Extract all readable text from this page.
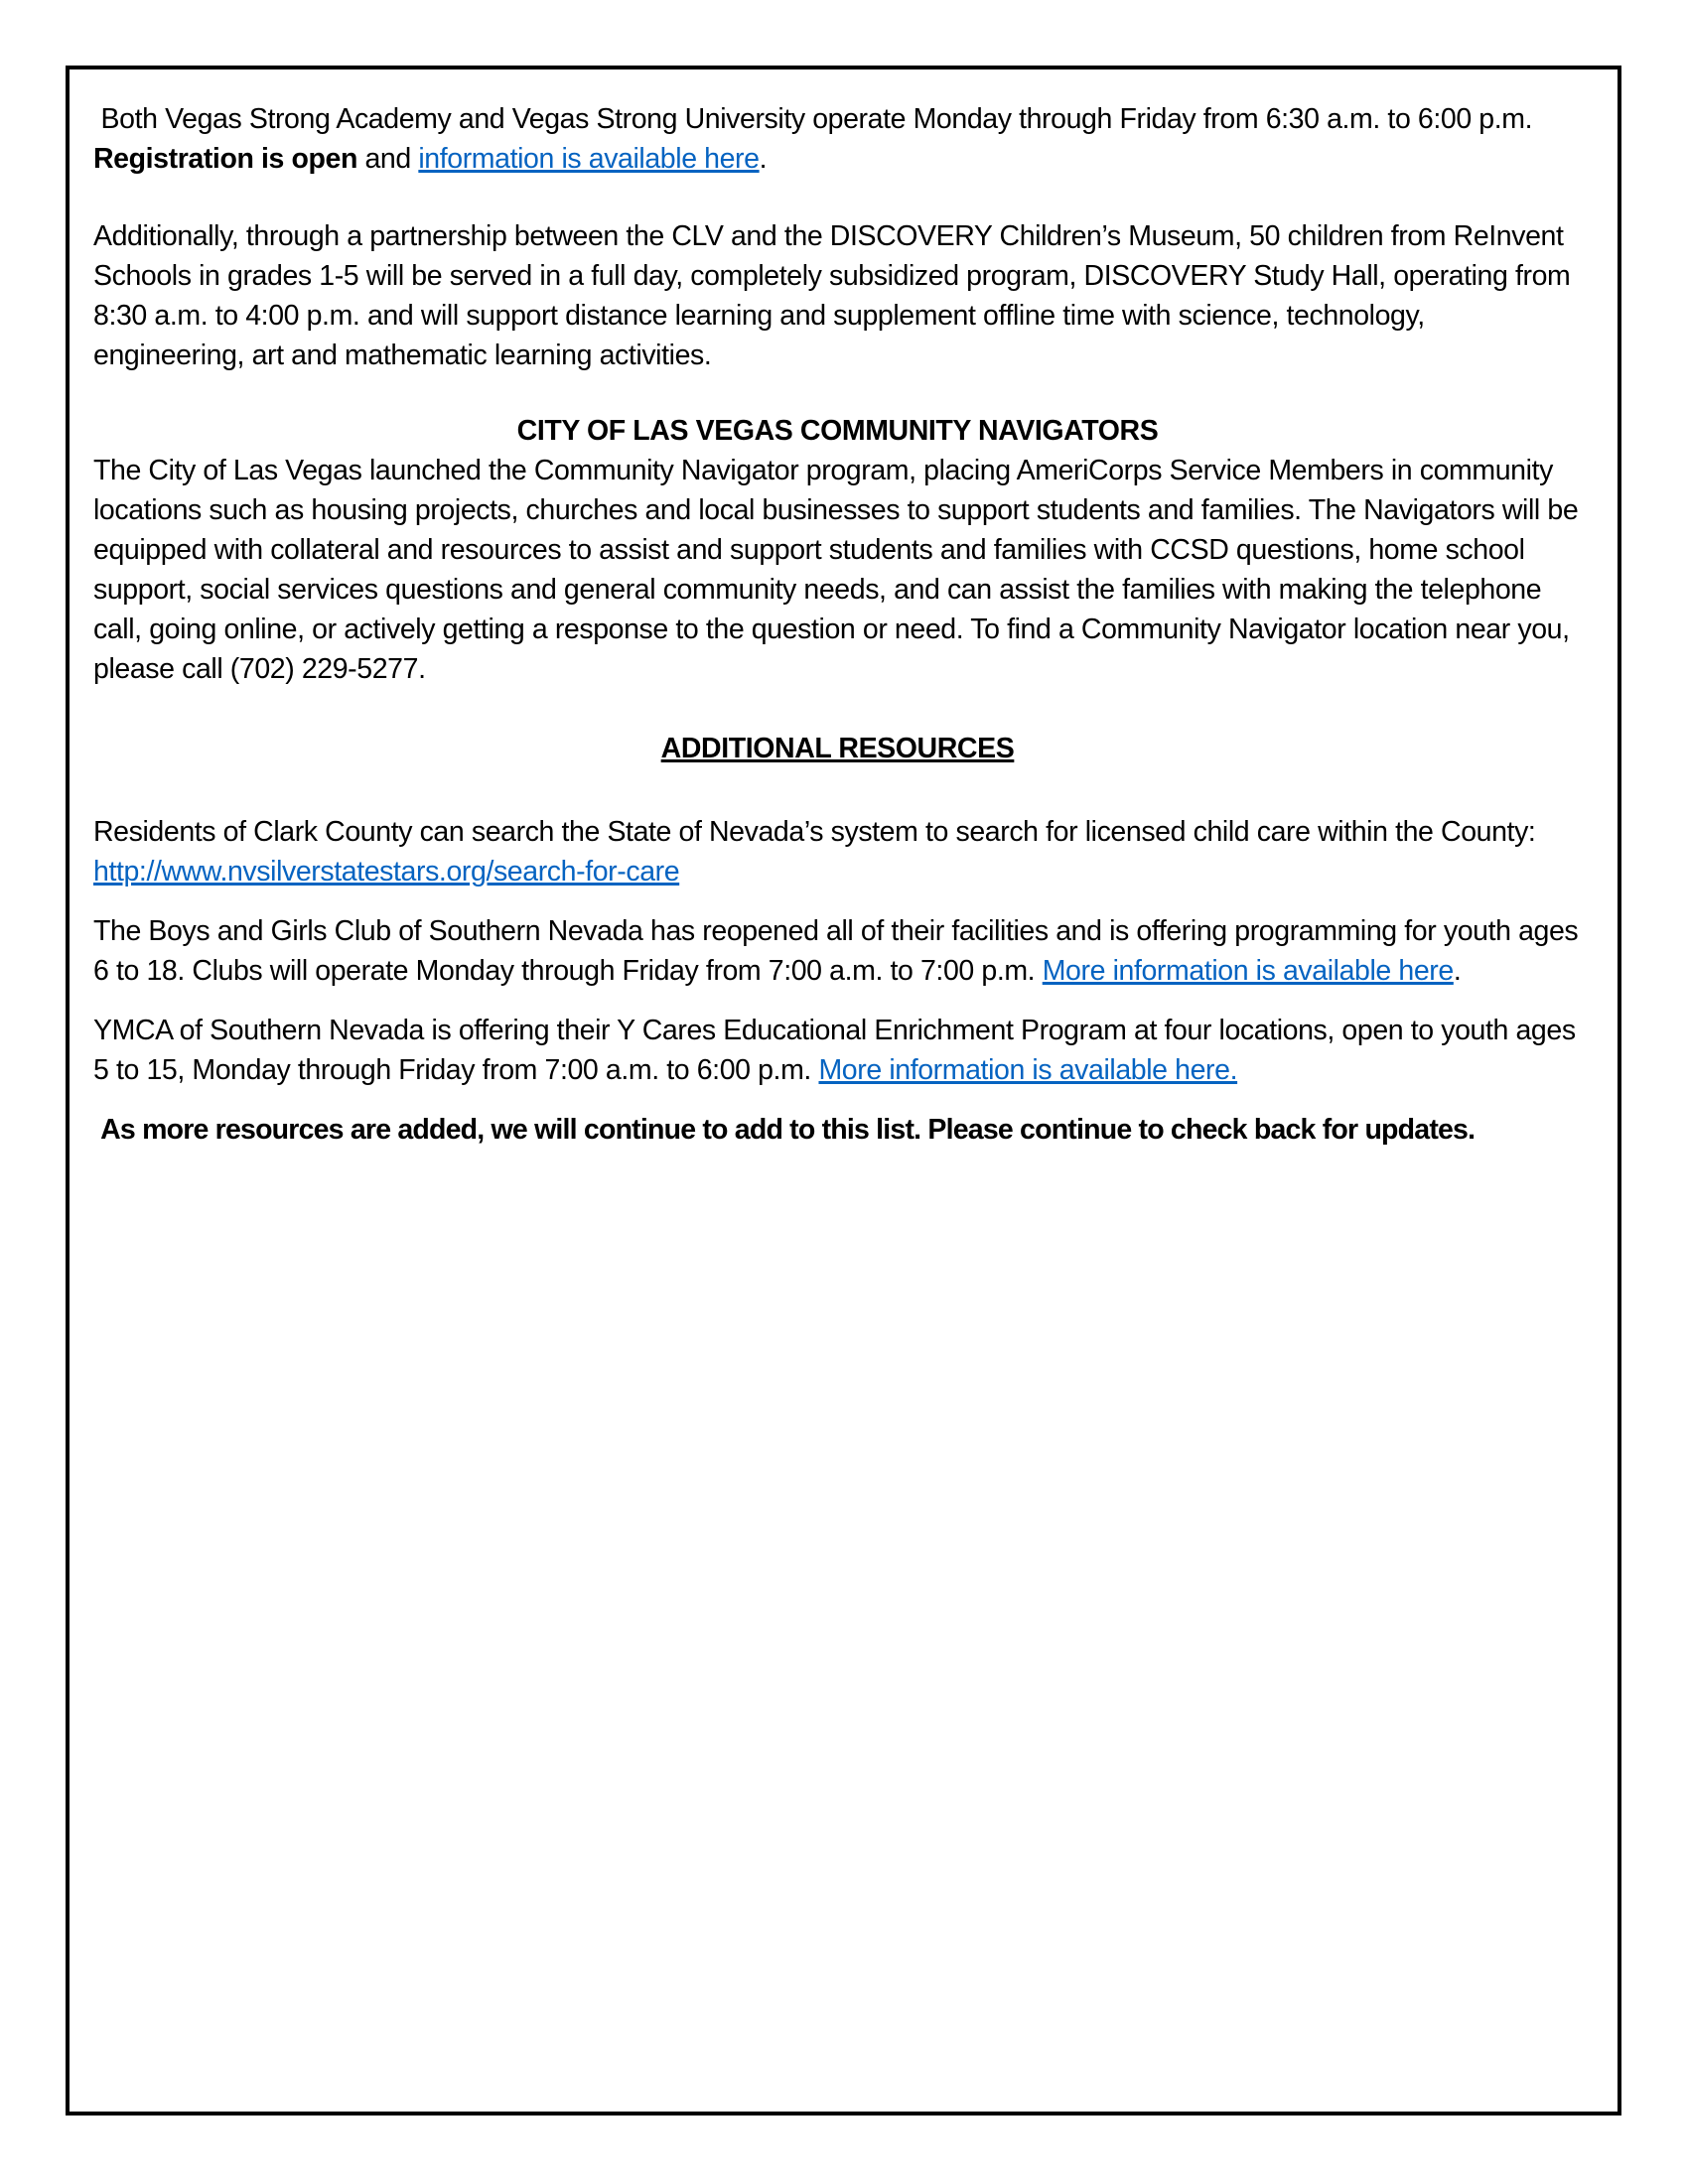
Both Vegas Strong Academy and Vegas Strong University operate Monday through Friday from 6:30 a.m. to 6:00 p.m. Registration is open and information is available here.

Additionally, through a partnership between the CLV and the DISCOVERY Children’s Museum, 50 children from ReInvent Schools in grades 1-5 will be served in a full day, completely subsidized program, DISCOVERY Study Hall, operating from 8:30 a.m. to 4:00 p.m. and will support distance learning and supplement offline time with science, technology, engineering, art and mathematic learning activities.

CITY OF LAS VEGAS COMMUNITY NAVIGATORS

The City of Las Vegas launched the Community Navigator program, placing AmeriCorps Service Members in community locations such as housing projects, churches and local businesses to support students and families. The Navigators will be equipped with collateral and resources to assist and support students and families with CCSD questions, home school support, social services questions and general community needs, and can assist the families with making the telephone call, going online, or actively getting a response to the question or need. To find a Community Navigator location near you, please call (702) 229-5277.

ADDITIONAL RESOURCES

Residents of Clark County can search the State of Nevada’s system to search for licensed child care within the County: http://www.nvsilverstatestars.org/search-for-care

The Boys and Girls Club of Southern Nevada has reopened all of their facilities and is offering programming for youth ages 6 to 18. Clubs will operate Monday through Friday from 7:00 a.m. to 7:00 p.m. More information is available here.

YMCA of Southern Nevada is offering their Y Cares Educational Enrichment Program at four locations, open to youth ages 5 to 15, Monday through Friday from 7:00 a.m. to 6:00 p.m. More information is available here.

As more resources are added, we will continue to add to this list. Please continue to check back for updates.
